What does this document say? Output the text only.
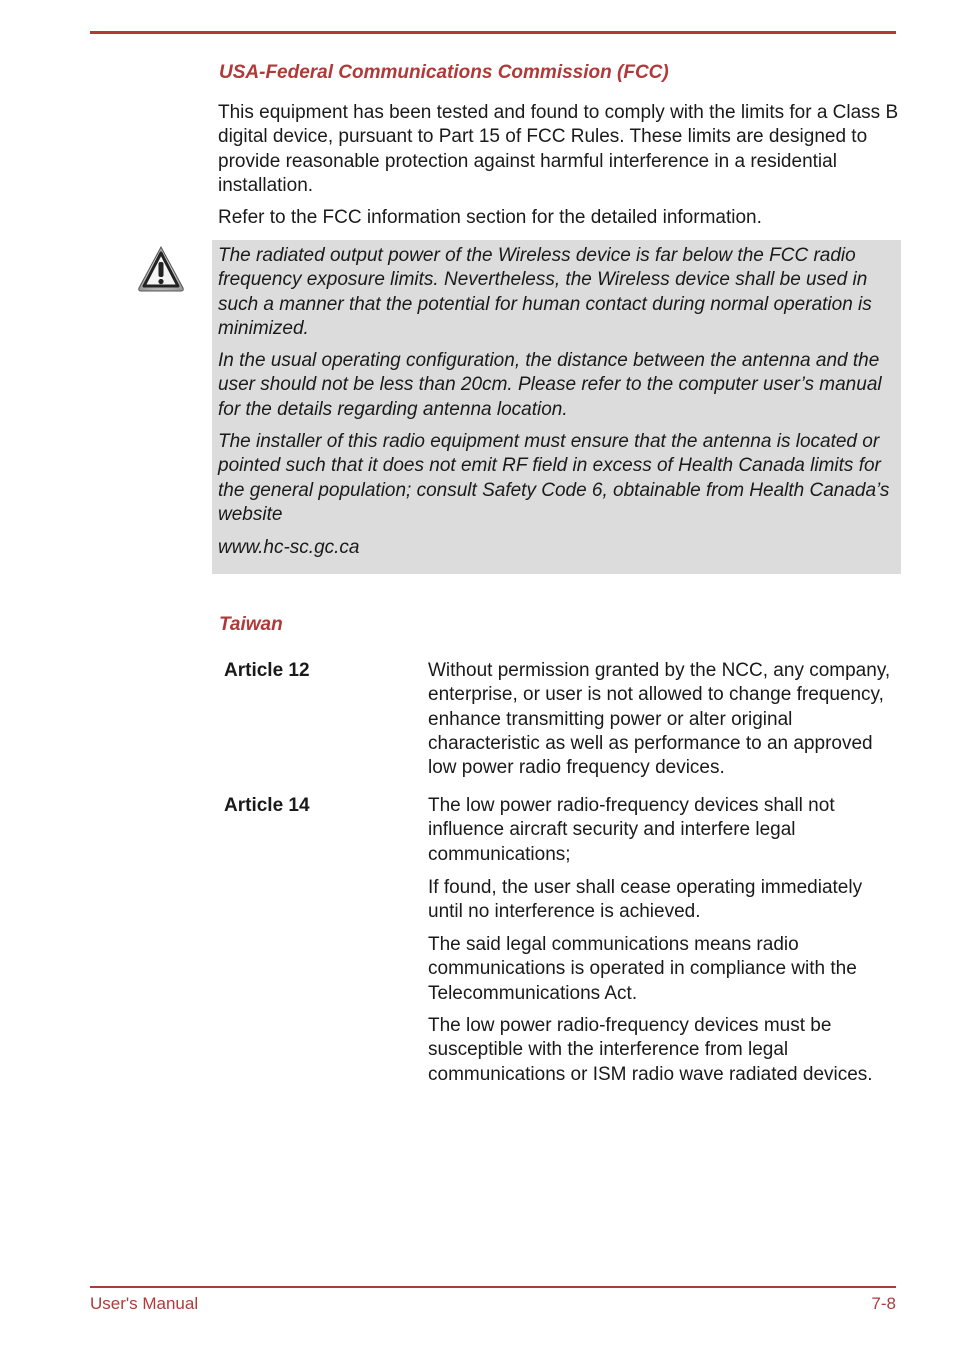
USA-Federal Communications Commission (FCC)

This equipment has been tested and found to comply with the limits for a Class B digital device, pursuant to Part 15 of FCC Rules. These limits are designed to provide reasonable protection against harmful interference in a residential installation.

Refer to the FCC information section for the detailed information.

The radiated output power of the Wireless device is far below the FCC radio frequency exposure limits. Nevertheless, the Wireless device shall be used in such a manner that the potential for human contact during normal operation is minimized.

In the usual operating configuration, the distance between the antenna and the user should not be less than 20cm. Please refer to the computer user’s manual for the details regarding antenna location.

The installer of this radio equipment must ensure that the antenna is located or pointed such that it does not emit RF field in excess of Health Canada limits for the general population; consult Safety Code 6, obtainable from Health Canada’s website

www.hc-sc.gc.ca

Taiwan

Article 12	Without permission granted by the NCC, any company, enterprise, or user is not allowed to change frequency, enhance transmitting power or alter original characteristic as well as performance to an approved low power radio frequency devices.

Article 14	The low power radio-frequency devices shall not influence aircraft security and interfere legal communications;

If found, the user shall cease operating immediately until no interference is achieved.

The said legal communications means radio communications is operated in compliance with the Telecommunications Act.

The low power radio-frequency devices must be susceptible with the interference from legal communications or ISM radio wave radiated devices.

User's Manual	7-8
